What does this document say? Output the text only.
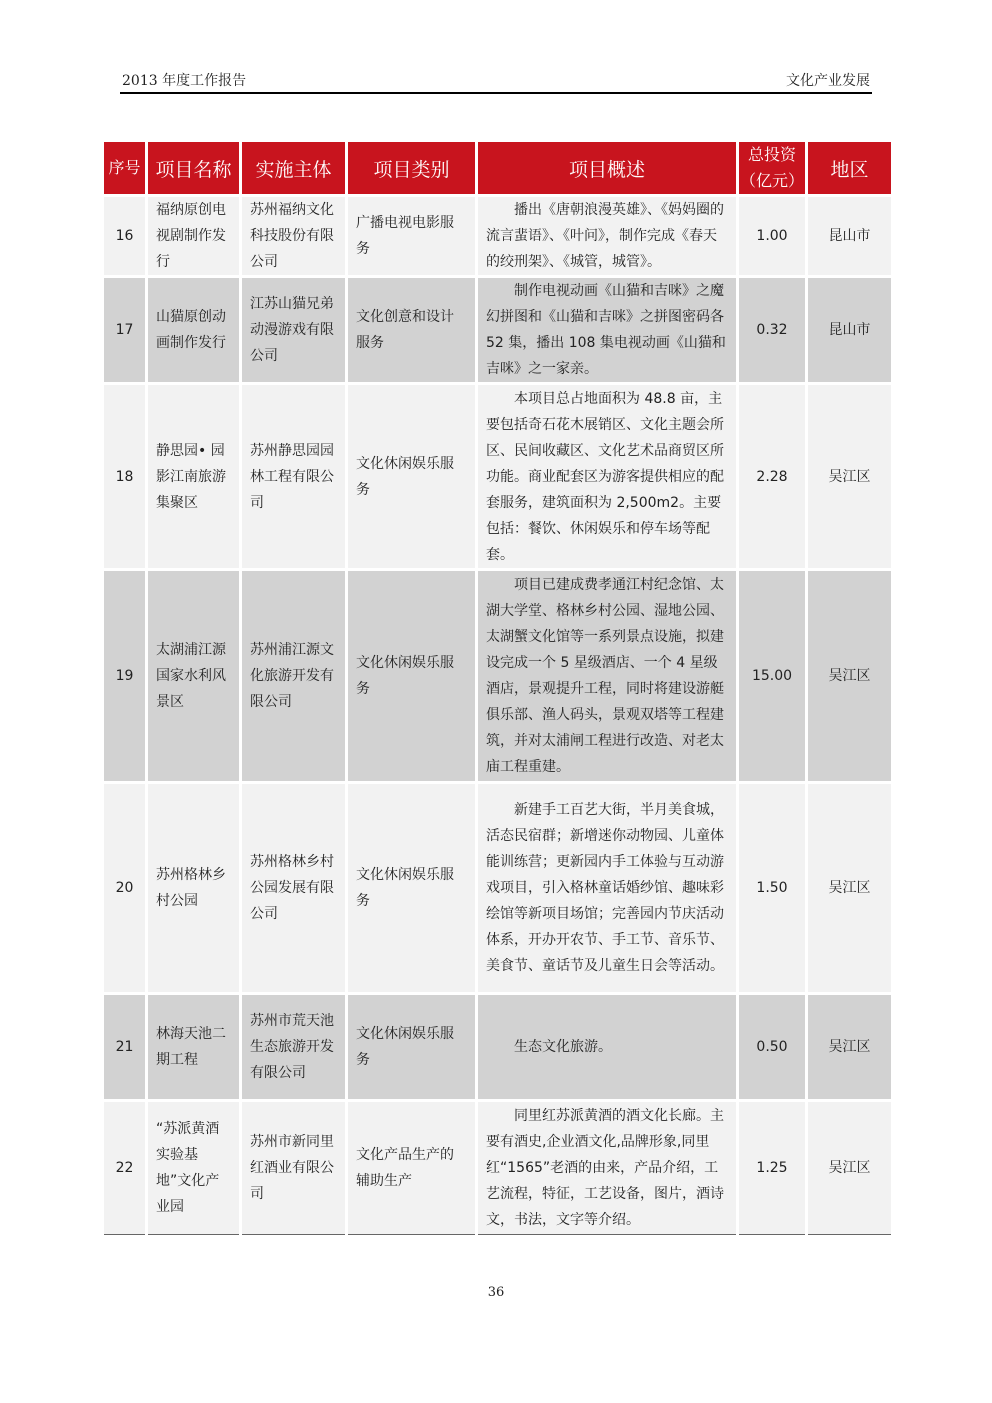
2013 年度工作报告	文化产业发展
序号	项目名称	实施主体	项目类别	项目概述	总投资（亿元）	地区
16	福纳原创电视剧制作发行	苏州福纳文化科技股份有限公司	广播电视电影服务	播出《唐朝浪漫英雄》、《妈妈圈的流言蜚语》、《叶问》，制作完成《春天的绞刑架》、《城管，城管》。	1.00	昆山市
17	山猫原创动画制作发行	江苏山猫兄弟动漫游戏有限公司	文化创意和设计服务	制作电视动画《山猫和吉咪》之魔幻拼图和《山猫和吉咪》之拼图密码各 52 集，播出 108 集电视动画《山猫和吉咪》之一家亲。	0.32	昆山市
18	静思园• 园影江南旅游集聚区	苏州静思园园林工程有限公司	文化休闲娱乐服务	本项目总占地面积为 48.8 亩，主要包括奇石花木展销区、文化主题会所区、民间收藏区、文化艺术品商贸区所功能。商业配套区为游客提供相应的配套服务，建筑面积为 2,500m2。主要包括：餐饮、休闲娱乐和停车场等配套。	2.28	吴江区
19	太湖浦江源国家水利风景区	苏州浦江源文化旅游开发有限公司	文化休闲娱乐服务	项目已建成费孝通江村纪念馆、太湖大学堂、格林乡村公园、湿地公园、太湖蟹文化馆等一系列景点设施，拟建设完成一个 5 星级酒店、一个 4 星级酒店，景观提升工程，同时将建设游艇俱乐部、渔人码头，景观双塔等工程建筑，并对太浦闸工程进行改造、对老太庙工程重建。	15.00	吴江区
20	苏州格林乡村公园	苏州格林乡村公园发展有限公司	文化休闲娱乐服务	新建手工百艺大街，半月美食城，活态民宿群；新增迷你动物园、儿童体能训练营；更新园内手工体验与互动游戏项目，引入格林童话婚纱馆、趣味彩绘馆等新项目场馆；完善园内节庆活动体系，开办开农节、手工节、音乐节、美食节、童话节及儿童生日会等活动。	1.50	吴江区
21	林海天池二期工程	苏州市荒天池生态旅游开发有限公司	文化休闲娱乐服务	生态文化旅游。	0.50	吴江区
22	“苏派黄酒实验基地”文化产业园	苏州市新同里红酒业有限公司	文化产品生产的辅助生产	同里红苏派黄酒的酒文化长廊。主要有酒史,企业酒文化,品牌形象,同里红“1565”老酒的由来，产品介绍，工艺流程，特征，工艺设备，图片，酒诗文，书法，文字等介绍。	1.25	吴江区
36
